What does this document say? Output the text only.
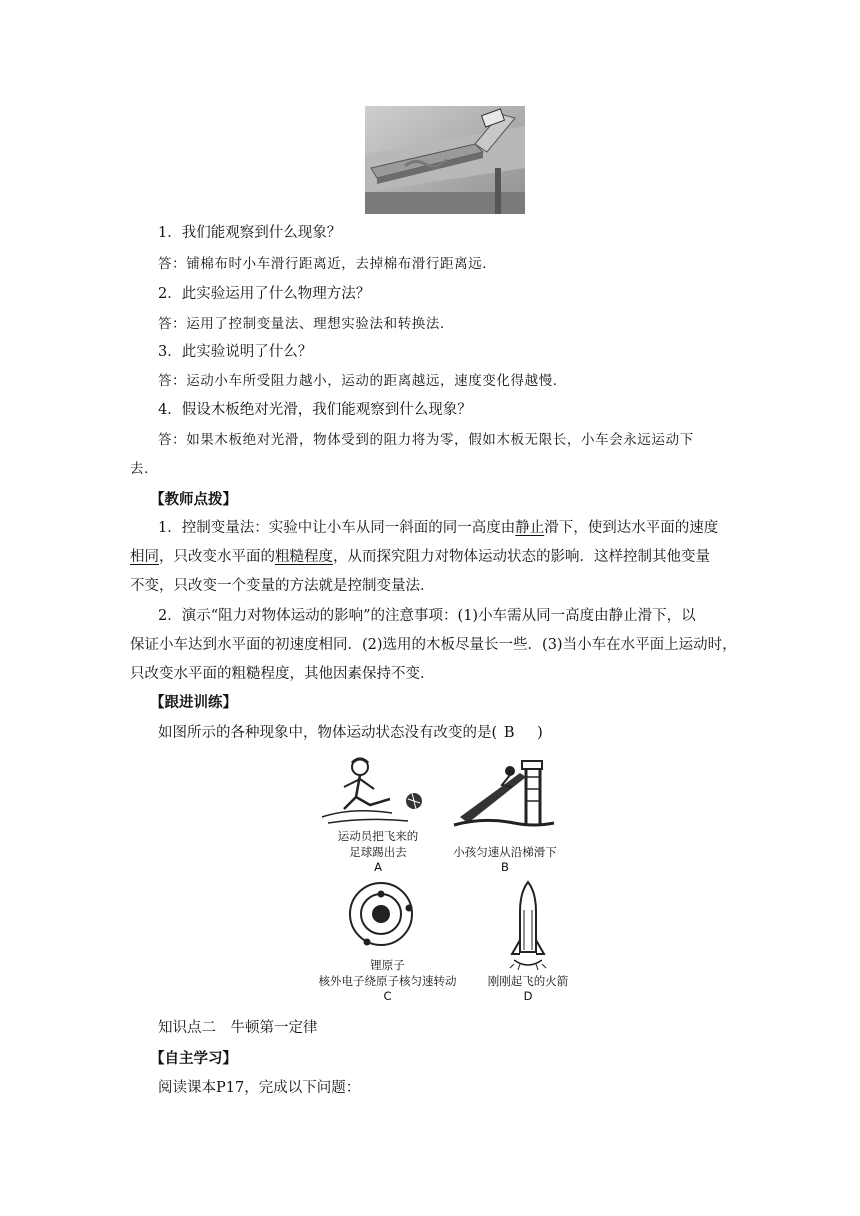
1．我们能观察到什么现象？
答：铺棉布时小车滑行距离近，去掉棉布滑行距离远．
2．此实验运用了什么物理方法？
答：运用了控制变量法、理想实验法和转换法．
3．此实验说明了什么？
答：运动小车所受阻力越小，运动的距离越远，速度变化得越慢．
4．假设木板绝对光滑，我们能观察到什么现象？
答：如果木板绝对光滑，物体受到的阻力将为零，假如木板无限长，小车会永远运动下
去．
【教师点拨】
1．控制变量法：实验中让小车从同一斜面的同一高度由静止滑下，使到达水平面的速度
相同，只改变水平面的粗糙程度，从而探究阻力对物体运动状态的影响．这样控制其他变量
不变，只改变一个变量的方法就是控制变量法．
2．演示“阻力对物体运动的影响”的注意事项：(1)小车需从同一高度由静止滑下，以
保证小车达到水平面的初速度相同．(2)选用的木板尽量长一些．(3)当小车在水平面上运动时，
只改变水平面的粗糙程度，其他因素保持不变．
【跟进训练】
如图所示的各种现象中，物体运动状态没有改变的是( B )
运动员把飞来的
足球踢出去
A
小孩匀速从沿梯滑下
B
锂原子
核外电子绕原子核匀速转动
C
刚刚起飞的火箭
D
知识点二　牛顿第一定律
【自主学习】
阅读课本P17，完成以下问题：
